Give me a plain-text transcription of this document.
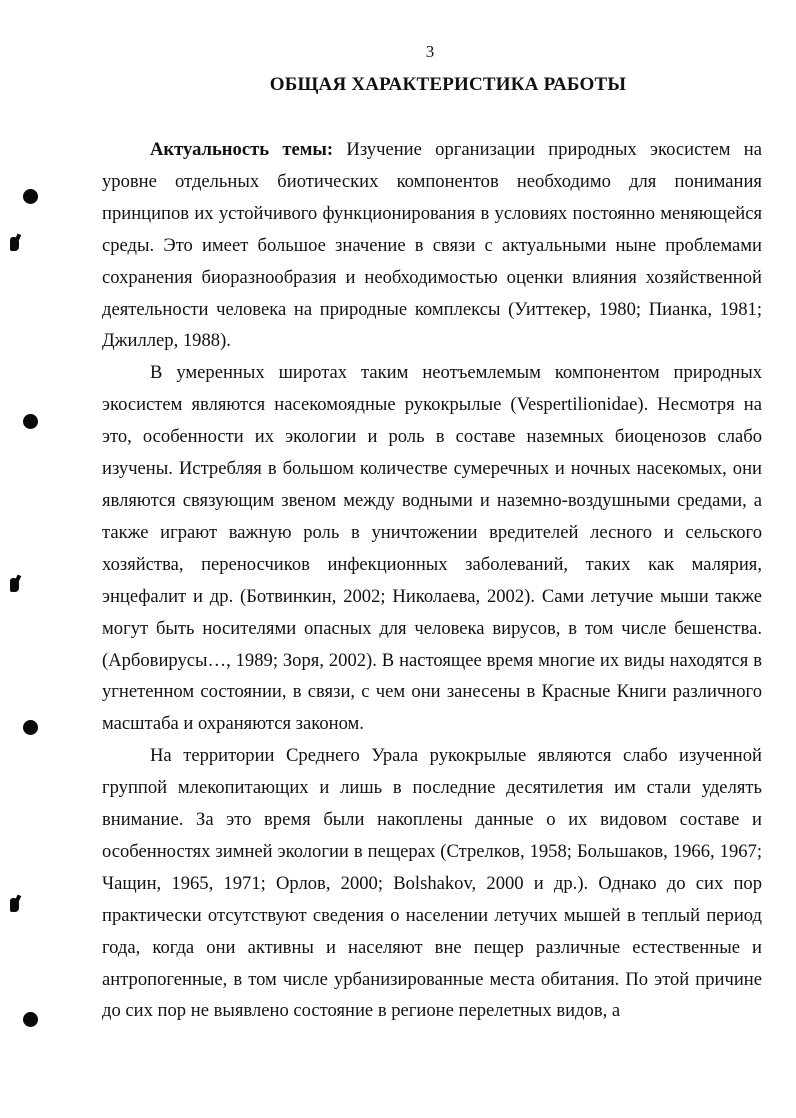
3
ОБЩАЯ ХАРАКТЕРИСТИКА РАБОТЫ

Актуальность темы: Изучение организации природных экосистем на уровне отдельных биотических компонентов необходимо для понимания принципов их устойчивого функционирования в условиях постоянно меняющейся среды. Это имеет большое значение в связи с актуальными ныне проблемами сохранения биоразнообразия и необходимостью оценки влияния хозяйственной деятельности человека на природные комплексы (Уиттекер, 1980; Пианка, 1981; Джиллер, 1988).

В умеренных широтах таким неотъемлемым компонентом природных экосистем являются насекомоядные рукокрылые (Vespertilionidae). Несмотря на это, особенности их экологии и роль в составе наземных биоценозов слабо изучены. Истребляя в большом количестве сумеречных и ночных насекомых, они являются связующим звеном между водными и наземно-воздушными средами, а также играют важную роль в уничтожении вредителей лесного и сельского хозяйства, переносчиков инфекционных заболеваний, таких как малярия, энцефалит и др. (Ботвинкин, 2002; Николаева, 2002). Сами летучие мыши также могут быть носителями опасных для человека вирусов, в том числе бешенства. (Арбовирусы…, 1989; Зоря, 2002). В настоящее время многие их виды находятся в угнетенном состоянии, в связи, с чем они занесены в Красные Книги различного масштаба и охраняются законом.

На территории Среднего Урала рукокрылые являются слабо изученной группой млекопитающих и лишь в последние десятилетия им стали уделять внимание. За это время были накоплены данные о их видовом составе и особенностях зимней экологии в пещерах (Стрелков, 1958; Большаков, 1966, 1967; Чащин, 1965, 1971; Орлов, 2000; Bolshakov, 2000 и др.). Однако до сих пор практически отсутствуют сведения о населении летучих мышей в теплый период года, когда они активны и населяют вне пещер различные естественные и антропогенные, в том числе урбанизированные места обитания. По этой причине до сих пор не выявлено состояние в регионе перелетных видов, а
